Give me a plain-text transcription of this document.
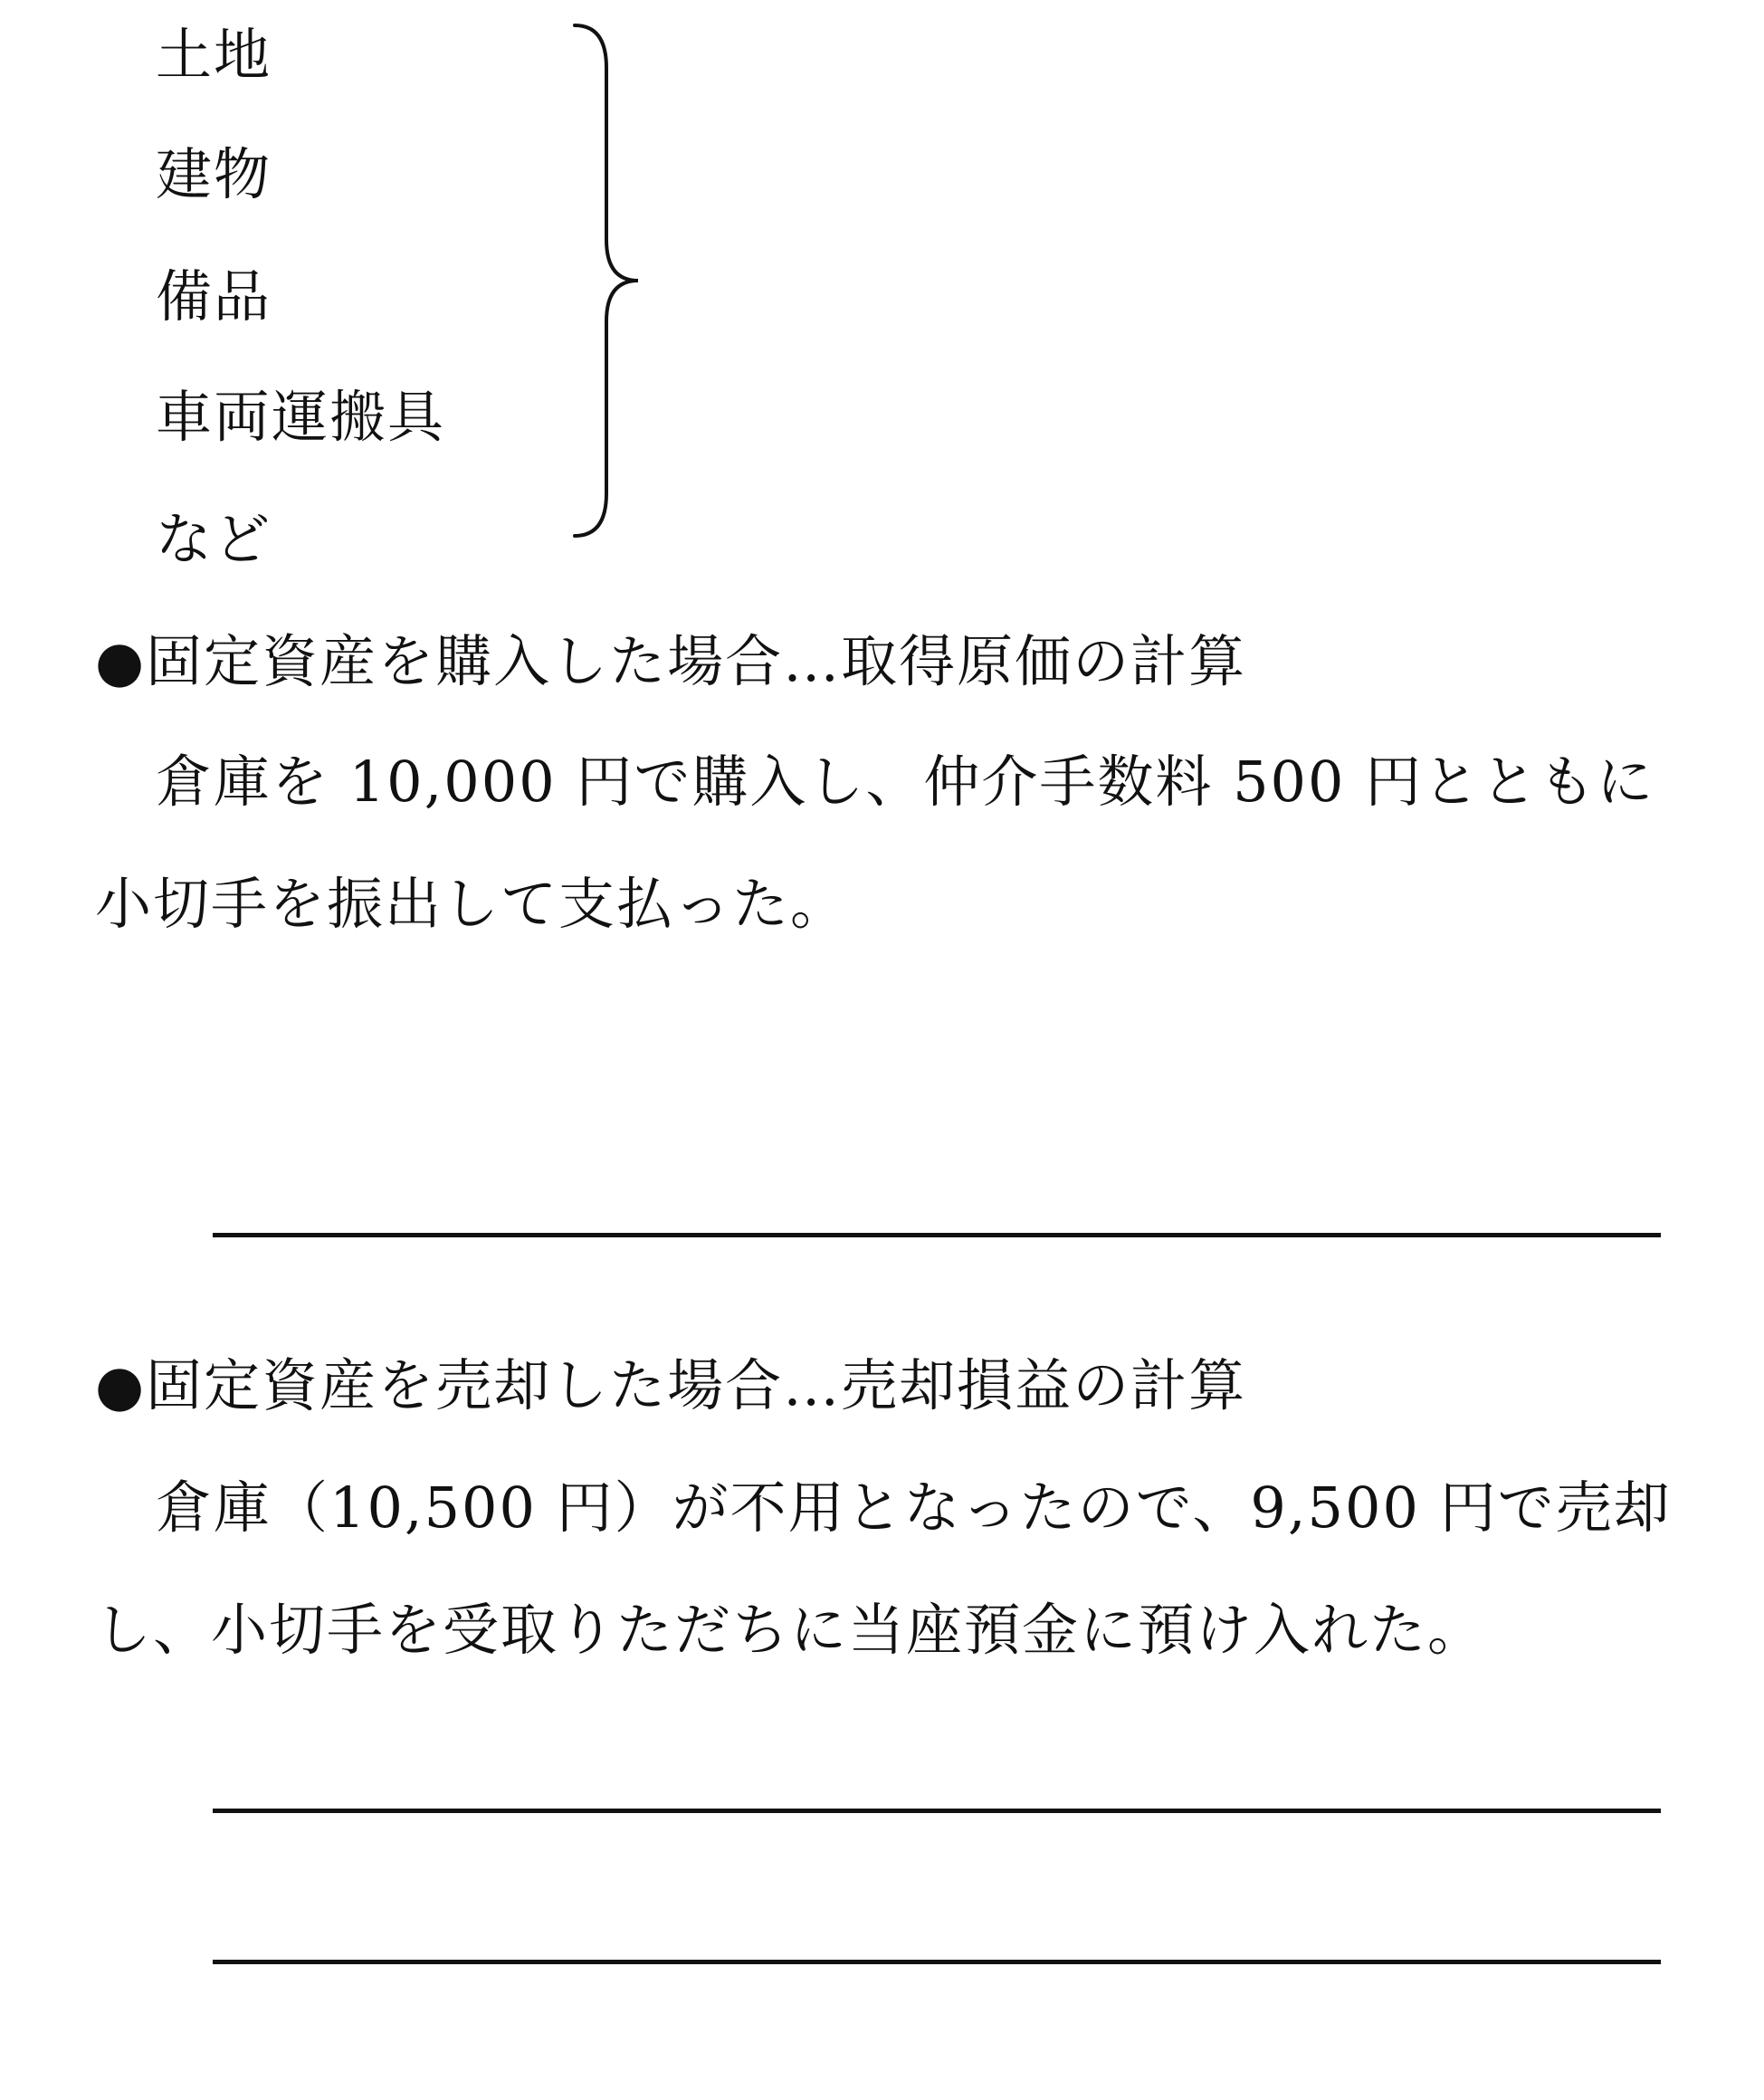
土地
建物
備品
車両運搬具
など
●固定資産を購入した場合…取得原価の計算
倉庫を 10,000 円で購入し、仲介手数料 500 円とともに
小切手を振出して支払った。
●固定資産を売却した場合…売却損益の計算
倉庫（10,500 円）が不用となったので、9,500 円で売却
し、小切手を受取りただちに当座預金に預け入れた。
